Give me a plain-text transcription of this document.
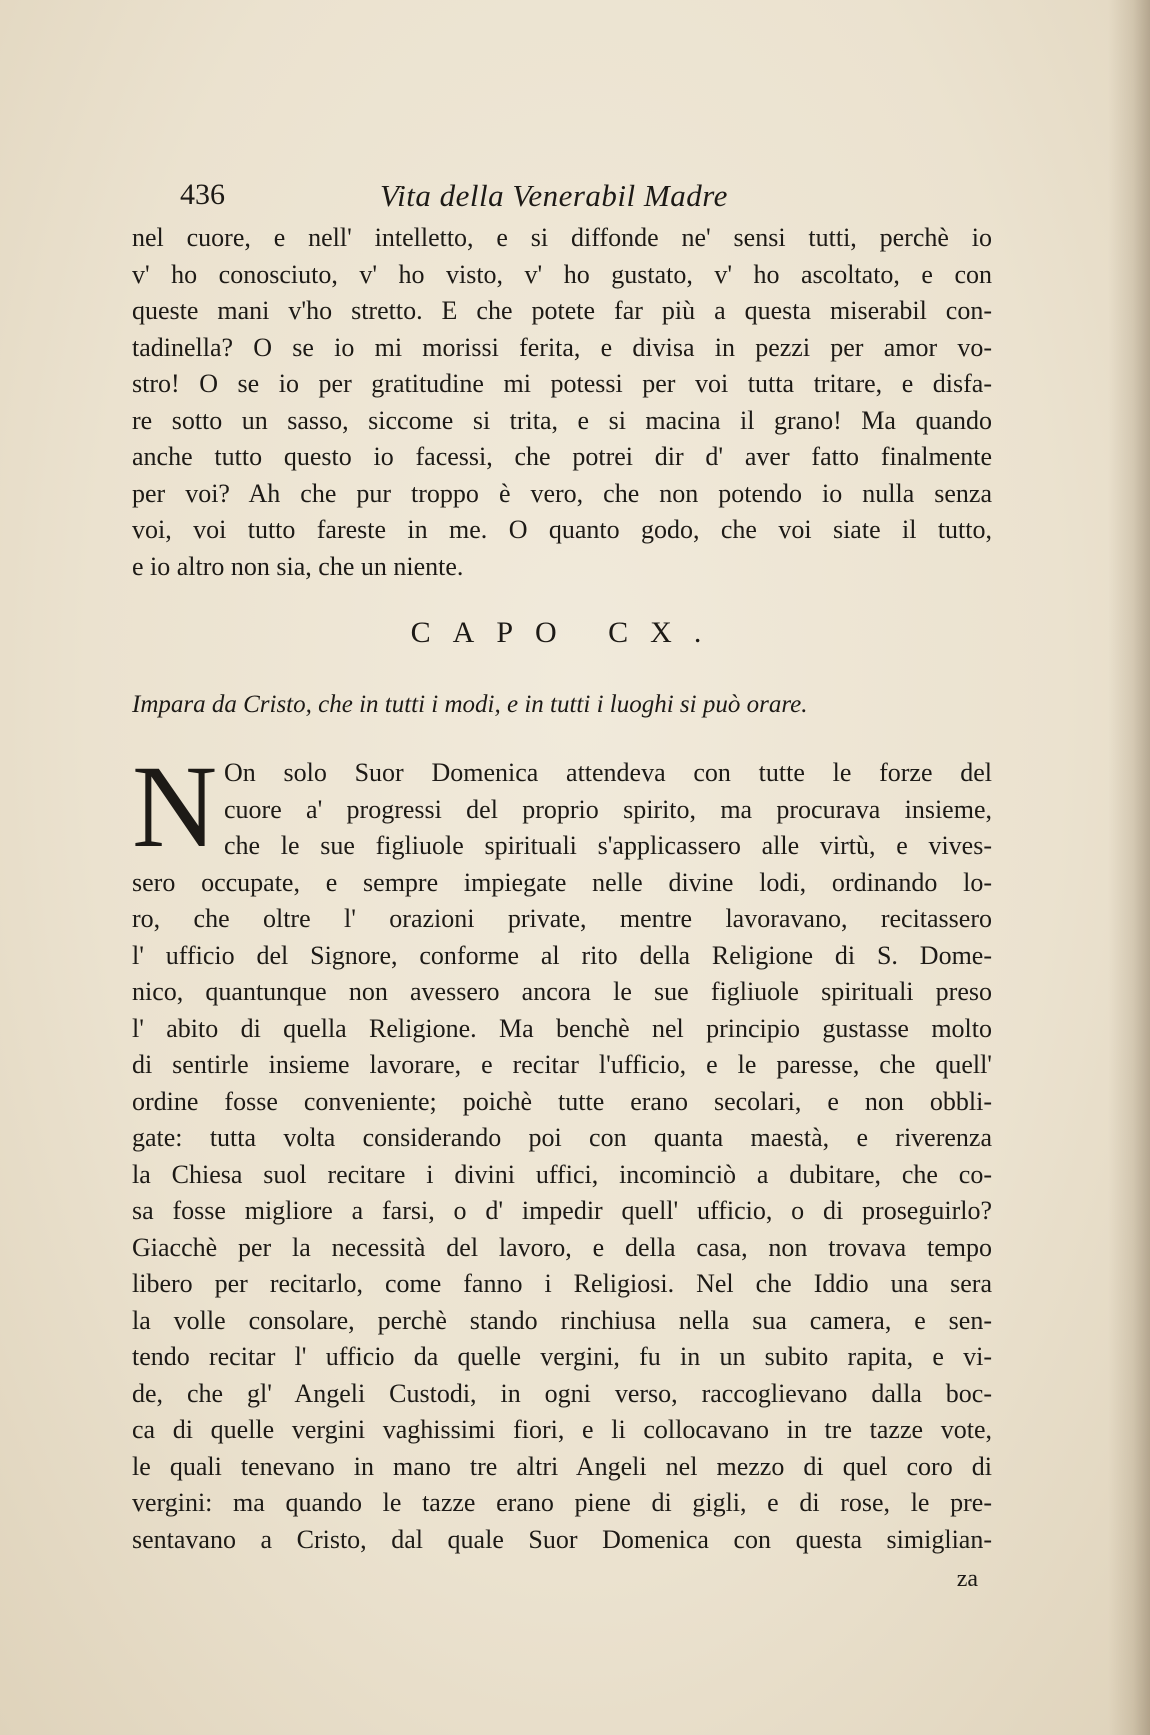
436	Vita della Venerabil Madre
nel cuore, e nell' intelletto, e si diffonde ne' sensi tutti, perchè io
v' ho conosciuto, v' ho visto, v' ho gustato, v' ho ascoltato, e con
queste mani v'ho stretto. E che potete far più a questa miserabil con-
tadinella? O se io mi morissi ferita, e divisa in pezzi per amor vo-
stro! O se io per gratitudine mi potessi per voi tutta tritare, e disfa-
re sotto un sasso, siccome si trita, e si macina il grano! Ma quando
anche tutto questo io facessi, che potrei dir d' aver fatto finalmente
per voi? Ah che pur troppo è vero, che non potendo io nulla senza
voi, voi tutto fareste in me. O quanto godo, che voi siate il tutto,
e io altro non sia, che un niente.
CAPO CX.
Impara da Cristo, che in tutti i modi, e in tutti i luoghi si può orare.
N On solo Suor Domenica attendeva con tutte le forze del
cuore a' progressi del proprio spirito, ma procurava insieme,
che le sue figliuole spirituali s'applicassero alle virtù, e vives-
sero occupate, e sempre impiegate nelle divine lodi, ordinando lo-
ro, che oltre l' orazioni private, mentre lavoravano, recitassero
l' ufficio del Signore, conforme al rito della Religione di S. Dome-
nico, quantunque non avessero ancora le sue figliuole spirituali preso
l' abito di quella Religione. Ma benchè nel principio gustasse molto
di sentirle insieme lavorare, e recitar l'ufficio, e le paresse, che quell'
ordine fosse conveniente; poichè tutte erano secolari, e non obbli-
gate: tutta volta considerando poi con quanta maestà, e riverenza
la Chiesa suol recitare i divini uffici, incominciò a dubitare, che co-
sa fosse migliore a farsi, o d' impedir quell' ufficio, o di proseguirlo?
Giacchè per la necessità del lavoro, e della casa, non trovava tempo
libero per recitarlo, come fanno i Religiosi. Nel che Iddio una sera
la volle consolare, perchè stando rinchiusa nella sua camera, e sen-
tendo recitar l' ufficio da quelle vergini, fu in un subito rapita, e vi-
de, che gl' Angeli Custodi, in ogni verso, raccoglievano dalla boc-
ca di quelle vergini vaghissimi fiori, e li collocavano in tre tazze vote,
le quali tenevano in mano tre altri Angeli nel mezzo di quel coro di
vergini: ma quando le tazze erano piene di gigli, e di rose, le pre-
sentavano a Cristo, dal quale Suor Domenica con questa simiglian-
za
